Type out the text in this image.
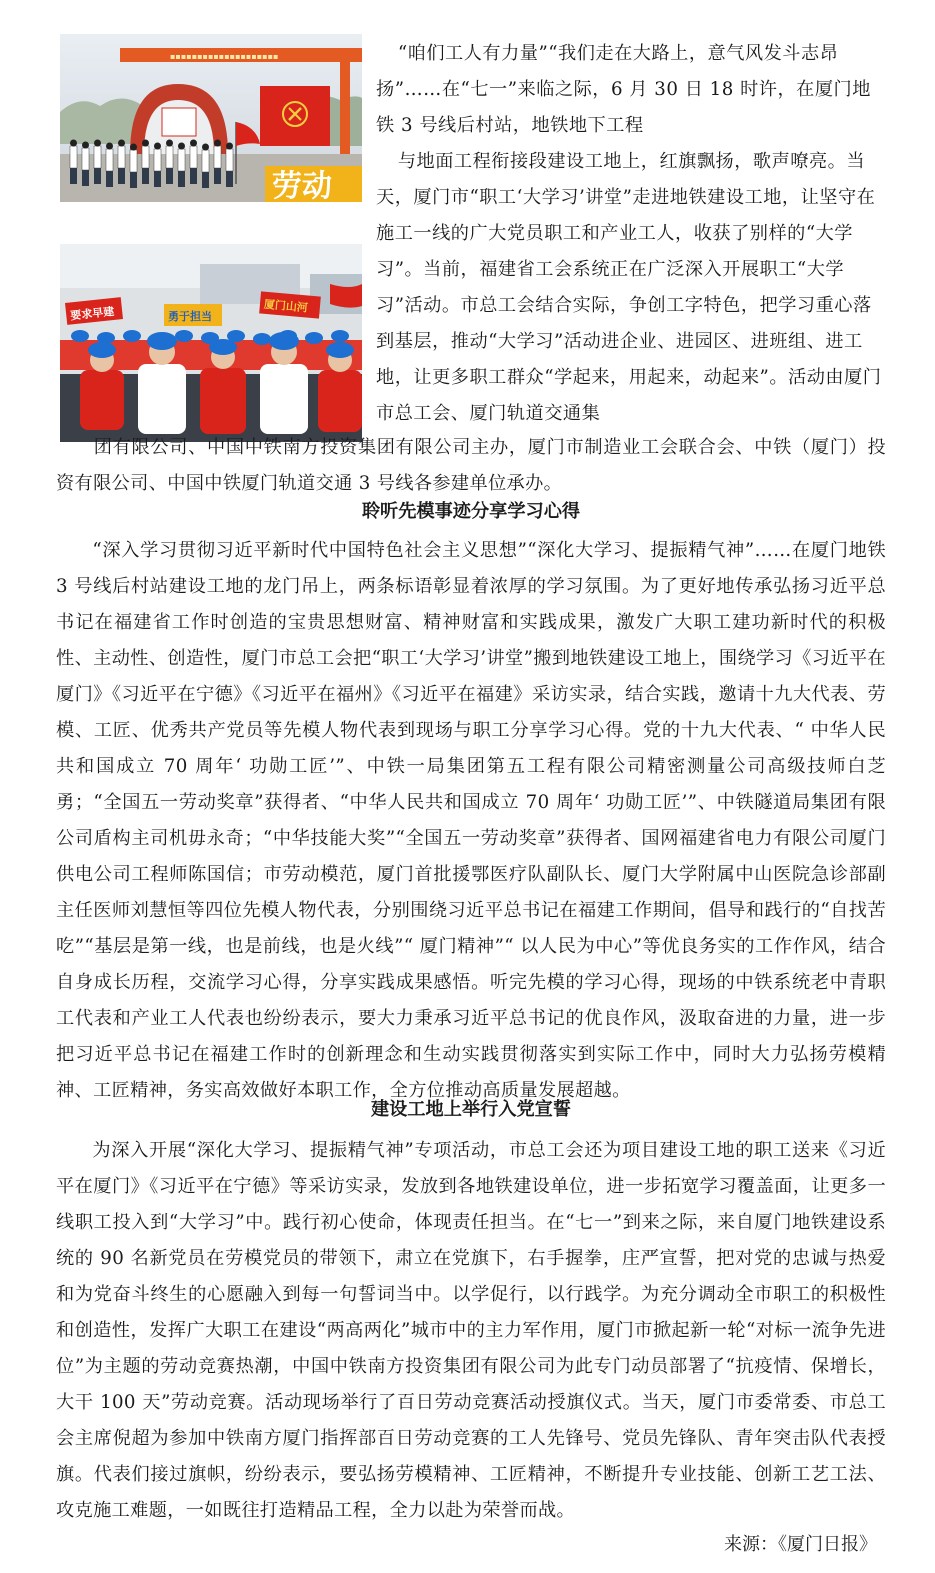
▪▪▪▪▪▪▪▪▪▪▪▪▪▪▪▪▪▪▪▪
劳动
要求早建	勇于担当
厦门山河

“咱们工人有力量”“我们走在大路上，意气风发斗志昂扬”……在“七一”来临之际，6 月 30 日 18 时许，在厦门地铁 3 号线后村站，地铁地下工程

与地面工程衔接段建设工地上，红旗飘扬，歌声嘹亮。当天，厦门市“职工‘大学习’讲堂”走进地铁建设工地，让坚守在施工一线的广大党员职工和产业工人，收获了别样的“大学习”。当前，福建省工会系统正在广泛深入开展职工“大学习”活动。市总工会结合实际，争创工字特色，把学习重心落到基层，推动“大学习”活动进企业、进园区、进班组、进工地，让更多职工群众“学起来，用起来，动起来”。活动由厦门市总工会、厦门轨道交通集

　　团有限公司、中国中铁南方投资集团有限公司主办，厦门市制造业工会联合会、中铁（厦门）投资有限公司、中国中铁厦门轨道交通 3 号线各参建单位承办。

聆听先模事迹分享学习心得

“深入学习贯彻习近平新时代中国特色社会主义思想”“深化大学习、提振精气神”……在厦门地铁 3 号线后村站建设工地的龙门吊上，两条标语彰显着浓厚的学习氛围。为了更好地传承弘扬习近平总书记在福建省工作时创造的宝贵思想财富、精神财富和实践成果，激发广大职工建功新时代的积极性、主动性、创造性，厦门市总工会把“职工‘大学习’讲堂”搬到地铁建设工地上，围绕学习《习近平在厦门》《习近平在宁德》《习近平在福州》《习近平在福建》采访实录，结合实践，邀请十九大代表、劳模、工匠、优秀共产党员等先模人物代表到现场与职工分享学习心得。党的十九大代表、“ 中华人民共和国成立 70 周年‘ 功勋工匠’”、中铁一局集团第五工程有限公司精密测量公司高级技师白芝勇；“全国五一劳动奖章”获得者、“中华人民共和国成立 70 周年‘ 功勋工匠’”、中铁隧道局集团有限公司盾构主司机毋永奇；“中华技能大奖”“全国五一劳动奖章”获得者、国网福建省电力有限公司厦门供电公司工程师陈国信；市劳动模范，厦门首批援鄂医疗队副队长、厦门大学附属中山医院急诊部副主任医师刘慧恒等四位先模人物代表，分别围绕习近平总书记在福建工作期间，倡导和践行的“自找苦吃”“基层是第一线，也是前线，也是火线”“ 厦门精神”“ 以人民为中心”等优良务实的工作作风，结合自身成长历程，交流学习心得，分享实践成果感悟。听完先模的学习心得，现场的中铁系统老中青职工代表和产业工人代表也纷纷表示，要大力秉承习近平总书记的优良作风，汲取奋进的力量，进一步把习近平总书记在福建工作时的创新理念和生动实践贯彻落实到实际工作中，同时大力弘扬劳模精神、工匠精神，务实高效做好本职工作，全方位推动高质量发展超越。

建设工地上举行入党宣誓

为深入开展“深化大学习、提振精气神”专项活动，市总工会还为项目建设工地的职工送来《习近平在厦门》《习近平在宁德》等采访实录，发放到各地铁建设单位，进一步拓宽学习覆盖面，让更多一线职工投入到“大学习”中。践行初心使命，体现责任担当。在“七一”到来之际，来自厦门地铁建设系统的 90 名新党员在劳模党员的带领下，肃立在党旗下，右手握拳，庄严宣誓，把对党的忠诚与热爱和为党奋斗终生的心愿融入到每一句誓词当中。以学促行，以行践学。为充分调动全市职工的积极性和创造性，发挥广大职工在建设“两高两化”城市中的主力军作用，厦门市掀起新一轮“对标一流争先进位”为主题的劳动竞赛热潮，中国中铁南方投资集团有限公司为此专门动员部署了“抗疫情、保增长，大干 100 天”劳动竞赛。活动现场举行了百日劳动竞赛活动授旗仪式。当天，厦门市委常委、市总工会主席倪超为参加中铁南方厦门指挥部百日劳动竞赛的工人先锋号、党员先锋队、青年突击队代表授旗。代表们接过旗帜，纷纷表示，要弘扬劳模精神、工匠精神，不断提升专业技能、创新工艺工法、攻克施工难题，一如既往打造精品工程，全力以赴为荣誉而战。

来源：《厦门日报》
